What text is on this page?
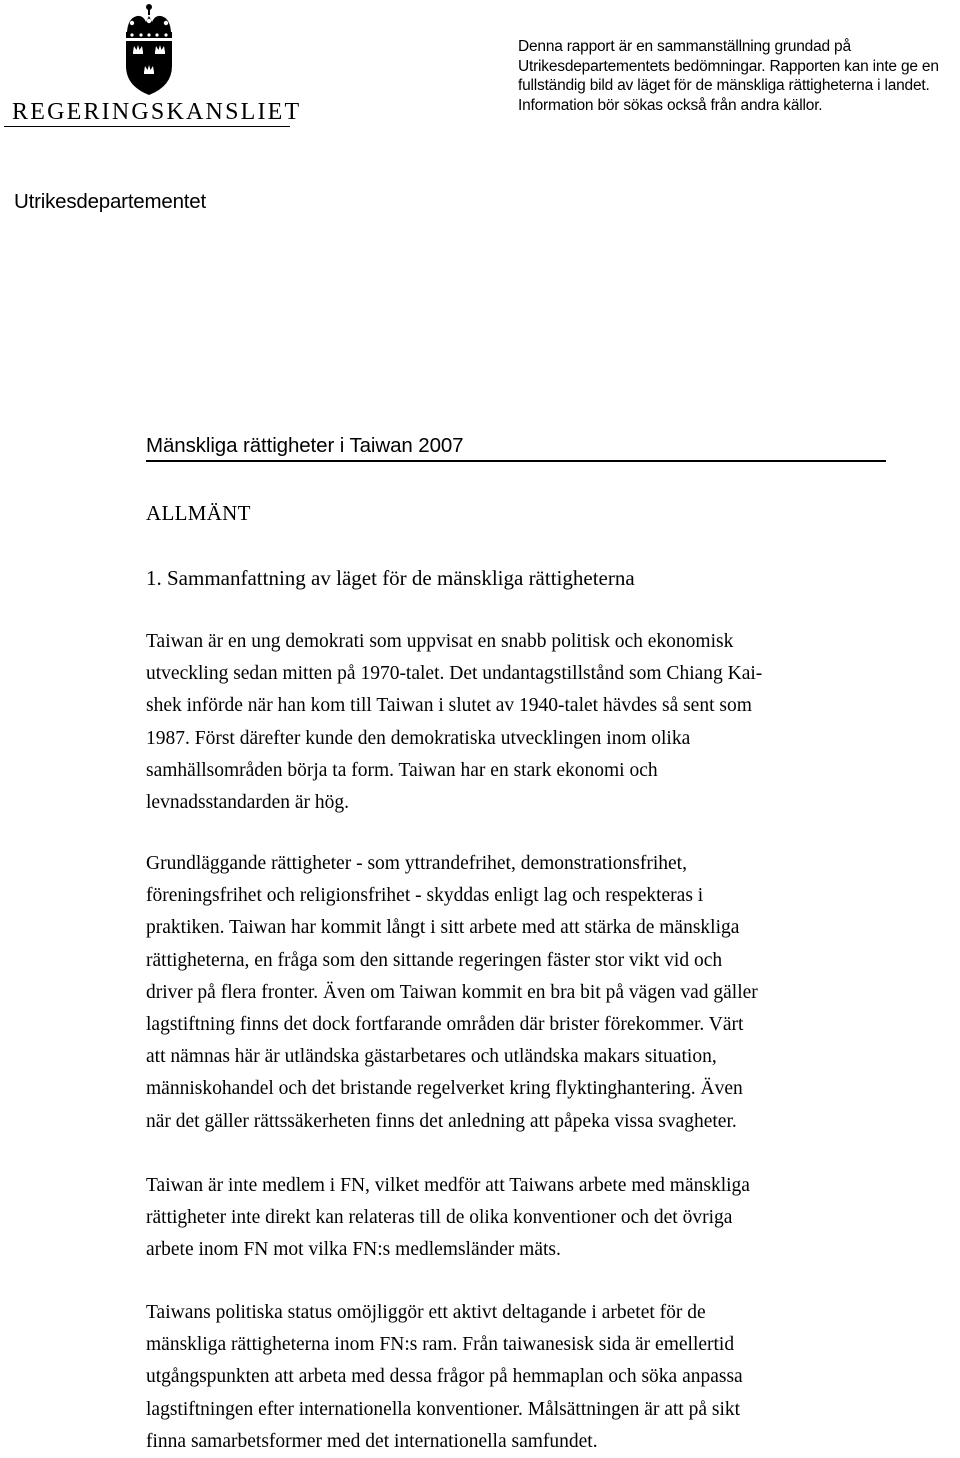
REGERINGSKANSLIET
Denna rapport är en sammanställning grundad på
Utrikesdepartementets bedömningar. Rapporten kan inte ge en
fullständig bild av läget för de mänskliga rättigheterna i landet.
Information bör sökas också från andra källor.
Utrikesdepartementet
Mänskliga rättigheter i Taiwan 2007
ALLMÄNT
1. Sammanfattning av läget för de mänskliga rättigheterna
Taiwan är en ung demokrati som uppvisat en snabb politisk och ekonomisk
utveckling sedan mitten på 1970-talet. Det undantagstillstånd som Chiang Kai-
shek införde när han kom till Taiwan i slutet av 1940-talet hävdes så sent som
1987. Först därefter kunde den demokratiska utvecklingen inom olika
samhällsområden börja ta form. Taiwan har en stark ekonomi och
levnadsstandarden är hög.
Grundläggande rättigheter - som yttrandefrihet, demonstrationsfrihet,
föreningsfrihet och religionsfrihet - skyddas enligt lag och respekteras i
praktiken. Taiwan har kommit långt i sitt arbete med att stärka de mänskliga
rättigheterna, en fråga som den sittande regeringen fäster stor vikt vid och
driver på flera fronter. Även om Taiwan kommit en bra bit på vägen vad gäller
lagstiftning finns det dock fortfarande områden där brister förekommer. Värt
att nämnas här är utländska gästarbetares och utländska makars situation,
människohandel och det bristande regelverket kring flyktinghantering. Även
när det gäller rättssäkerheten finns det anledning att påpeka vissa svagheter.
Taiwan är inte medlem i FN, vilket medför att Taiwans arbete med mänskliga
rättigheter inte direkt kan relateras till de olika konventioner och det övriga
arbete inom FN mot vilka FN:s medlemsländer mäts.
Taiwans politiska status omöjliggör ett aktivt deltagande i arbetet för de
mänskliga rättigheterna inom FN:s ram. Från taiwanesisk sida är emellertid
utgångspunkten att arbeta med dessa frågor på hemmaplan och söka anpassa
lagstiftningen efter internationella konventioner. Målsättningen är att på sikt
finna samarbetsformer med det internationella samfundet.
